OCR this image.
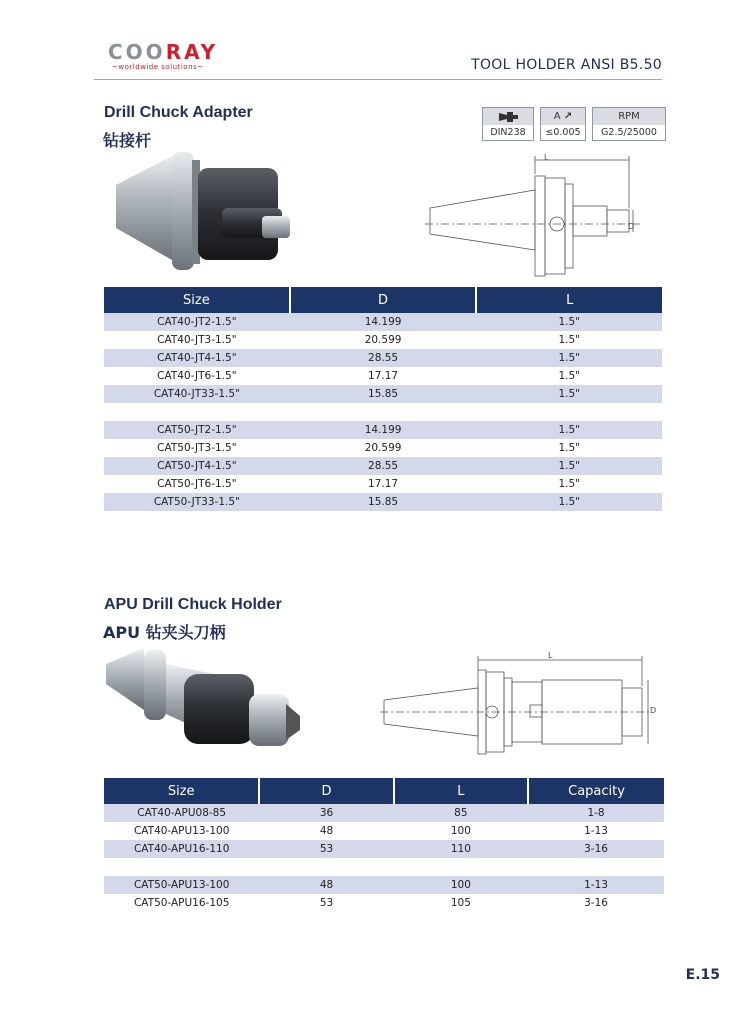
COORAY
~worldwide solutions~	TOOL HOLDER ANSI B5.50
Drill Chuck Adapter
钻接杆
L
D
DIN238
A ↗
≤0.005
RPM
G2.5/25000
Size	D	L
CAT40-JT2-1.5"	14.199	1.5"
CAT40-JT3-1.5"	20.599	1.5"
CAT40-JT4-1.5"	28.55	1.5"
CAT40-JT6-1.5"	17.17	1.5"
CAT40-JT33-1.5"	15.85	1.5"

CAT50-JT2-1.5"	14.199	1.5"
CAT50-JT3-1.5"	20.599	1.5"
CAT50-JT4-1.5"	28.55	1.5"
CAT50-JT6-1.5"	17.17	1.5"
CAT50-JT33-1.5"	15.85	1.5"
APU Drill Chuck Holder
APU 钻夹头刀柄
L
D
Size	D	L	Capacity
CAT40-APU08-85	36	85	1-8
CAT40-APU13-100	48	100	1-13
CAT40-APU16-110	53	110	3-16

CAT50-APU13-100	48	100	1-13
CAT50-APU16-105	53	105	3-16
E.15
